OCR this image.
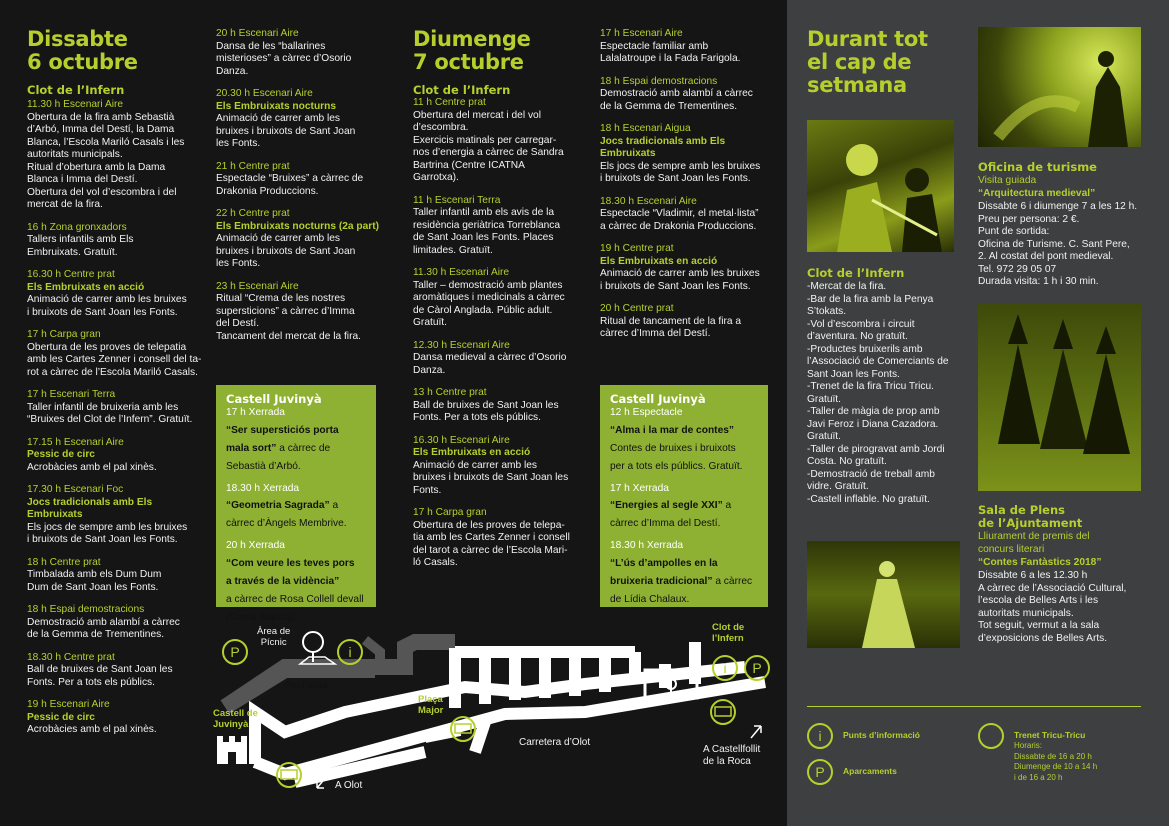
Dissabte
6 octubre
Clot de l’Infern
11.30 h Escenari Aire
Obertura de la fira amb Sebastià
d’Arbó, Imma del Destí, la Dama
Blanca, l’Escola Mariló Casals i les
autoritats municipals.
Ritual d’obertura amb la Dama
Blanca i Imma del Destí.
Obertura del vol d’escombra i del
mercat de la fira.
16 h Zona gronxadors
Tallers infantils amb Els
Embruixats. Gratuït.
16.30 h Centre prat
Els Embruixats en acció
Animació de carrer amb les bruixes
i bruixots de Sant Joan les Fonts.
17 h Carpa gran
Obertura de les proves de telepatia
amb les Cartes Zenner i consell del ta-
rot a càrrec de l’Escola Mariló Casals.
17 h Escenari Terra
Taller infantil de bruixeria amb les
“Bruixes del Clot de l’Infern”. Gratuït.
17.15 h Escenari Aire
Pessic de circ
Acrobàcies amb el pal xinès.
17.30 h Escenari Foc
Jocs tradicionals amb Els
Embruixats
Els jocs de sempre amb les bruixes
i bruixots de Sant Joan les Fonts.
18 h Centre prat
Timbalada amb els Dum Dum
Dum de Sant Joan les Fonts.
18 h Espai demostracions
Demostració amb alambí a càrrec
de la Gemma de Trementines.
18.30 h Centre prat
Ball de bruixes de Sant Joan les
Fonts. Per a tots els públics.
19 h Escenari Aire
Pessic de circ
Acrobàcies amb el pal xinès.
20 h Escenari Aire
Dansa de les “ballarines
misterioses” a càrrec d’Osorio
Danza.
20.30 h Escenari Aire
Els Embruixats nocturns
Animació de carrer amb les
bruixes i bruixots de Sant Joan
les Fonts.
21 h Centre prat
Espectacle “Bruixes” a càrrec de
Drakonia Produccions.
22 h Centre prat
Els Embruixats nocturns (2a part)
Animació de carrer amb les
bruixes i bruixots de Sant Joan
les Fonts.
23 h Escenari Aire
Ritual “Crema de les nostres
supersticions” a càrrec d’Imma
del Destí.
Tancament del mercat de la fira.
Castell Juvinyà
17 h Xerrada
“Ser supersticiós porta
mala sort” a càrrec de
Sebastià d’Arbó.
18.30 h Xerrada
“Geometria Sagrada” a
càrrec d’Àngels Membrive.
20 h Xerrada
“Com veure les teves pors
a través de la vidència”
a càrrec de Rosa Collell devall
(Dama Blanca).
Diumenge
7 octubre
Clot de l’Infern
11 h Centre prat
Obertura del mercat i del vol
d’escombra.
Exercicis matinals per carregar-
nos d’energia a càrrec de Sandra
Bartrina (Centre ICATNA
Garrotxa).
11 h Escenari Terra
Taller infantil amb els avis de la
residència geriàtrica Torreblanca
de Sant Joan les Fonts. Places
limitades. Gratuït.
11.30 h Escenari Aire
Taller – demostració amb plantes
aromàtiques i medicinals a càrrec
de Càrol Anglada. Públic adult.
Gratuït.
12.30 h Escenari Aire
Dansa medieval a càrrec d’Osorio
Danza.
13 h Centre prat
Ball de bruixes de Sant Joan les
Fonts. Per a tots els públics.
16.30 h Escenari Aire
Els Embruixats en acció
Animació de carrer amb les
bruixes i bruixots de Sant Joan les
Fonts.
17 h Carpa gran
Obertura de les proves de telepa-
tia amb les Cartes Zenner i consell
del tarot a càrrec de l’Escola Mari-
ló Casals.
17 h Escenari Aire
Espectacle familiar amb
Lalalatroupe i la Fada Farigola.
18 h Espai demostracions
Demostració amb alambí a càrrec
de la Gemma de Trementines.
18 h Escenari Aigua
Jocs tradicionals amb Els
Embruixats
Els jocs de sempre amb les bruixes
i bruixots de Sant Joan les Fonts.
18.30 h Escenari Aire
Espectacle “Vladimir, el metal·lista”
a càrrec de Drakonia Produccions.
19 h Centre prat
Els Embruixats en acció
Animació de carrer amb les bruixes
i bruixots de Sant Joan les Fonts.
20 h Centre prat
Ritual de tancament de la fira a
càrrec d’Imma del Destí.
Castell Juvinyà
12 h Espectacle
“Alma i la mar de contes”
Contes de bruixes i bruixots
per a tots els públics. Gratuït.
17 h Xerrada
“Energies al segle XXI” a
càrrec d’Imma del Destí.
18.30 h Xerrada
“L’ús d’ampolles en la
bruixeria tradicional” a càrrec
de Lídia Chalaux.
P	i
i P
Àrea de
Pícnic
Riu Fluvià
Castell de
Juvinyà
Plaça
Major
Clot de
l’Infern
Carretera d’Olot
A Olot
A Castellfollit
de la Roca
Durant tot
el cap de
setmana
Clot de l’Infern
-Mercat de la fira.
-Bar de la fira amb la Penya
S’tokats.
-Vol d’escombra i circuit
d’aventura. No gratuït.
-Productes bruixerils amb
l’Associació de Comerciants de
Sant Joan les Fonts.
-Trenet de la fira Tricu Tricu.
Gratuït.
-Taller de màgia de prop amb
Javi Feroz i Diana Cazadora.
Gratuït.
-Taller de pirogravat amb Jordi
Costa. No gratuït.
-Demostració de treball amb
vidre. Gratuït.
-Castell inflable. No gratuït.
Oficina de turisme
Visita guiada
“Arquitectura medieval”
Dissabte 6 i diumenge 7 a les 12 h.
Preu per persona: 2 €.
Punt de sortida:
Oficina de Turisme. C. Sant Pere,
2. Al costat del pont medieval.
Tel. 972 29 05 07
Durada visita: 1 h i 30 min.
Sala de Plens
de l’Ajuntament
Lliurament de premis del
concurs literari
“Contes Fantàstics 2018”
Dissabte 6 a les 12.30 h
A càrrec de l’Associació Cultural,
l’escola de Belles Arts i les
autoritats municipals.
Tot seguit, vermut a la sala
d’exposicions de Belles Arts.
i	Punts d’informació
P	Aparcaments
Trenet Tricu-Tricu
Horaris:
Dissabte de 16 a 20 h
Diumenge de 10 a 14 h
i de 16 a 20 h
